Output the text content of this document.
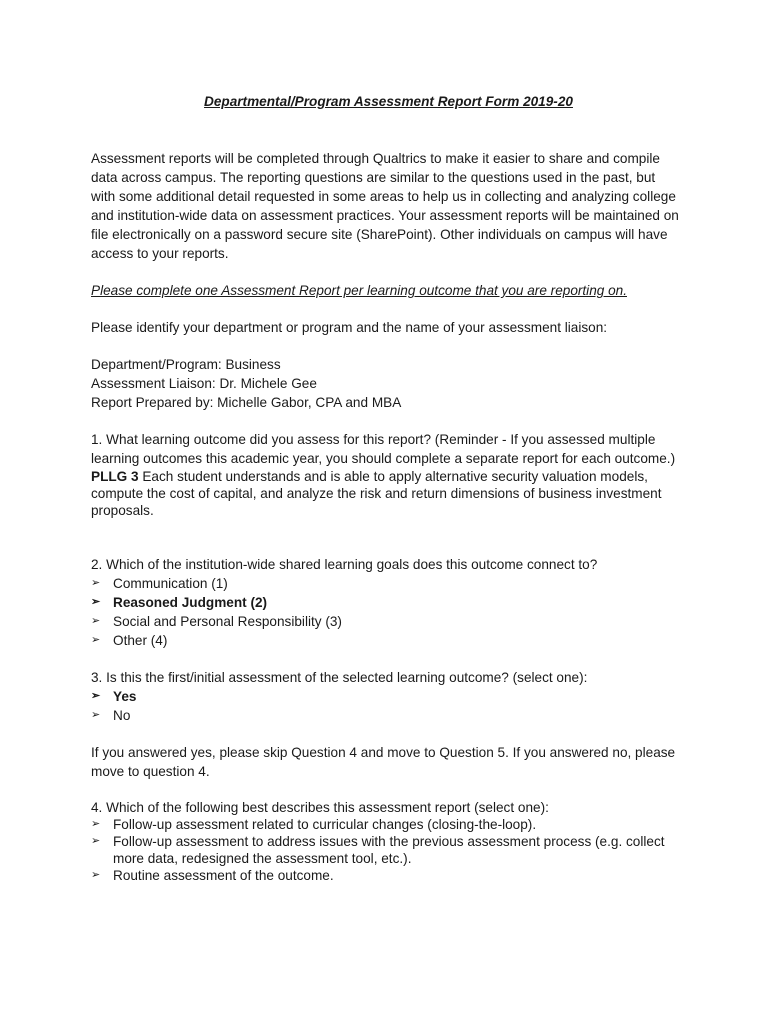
Departmental/Program Assessment Report Form 2019-20
Assessment reports will be completed through Qualtrics to make it easier to share and compile data across campus. The reporting questions are similar to the questions used in the past, but with some additional detail requested in some areas to help us in collecting and analyzing college and institution-wide data on assessment practices. Your assessment reports will be maintained on file electronically on a password secure site (SharePoint). Other individuals on campus will have access to your reports.
Please complete one Assessment Report per learning outcome that you are reporting on.
Please identify your department or program and the name of your assessment liaison:
Department/Program: Business
Assessment Liaison: Dr. Michele Gee
Report Prepared by: Michelle Gabor, CPA and MBA
1. What learning outcome did you assess for this report? (Reminder - If you assessed multiple learning outcomes this academic year, you should complete a separate report for each outcome.)
PLLG 3 Each student understands and is able to apply alternative security valuation models, compute the cost of capital, and analyze the risk and return dimensions of business investment proposals.
2. Which of the institution-wide shared learning goals does this outcome connect to?
➢ Communication (1)
➢ Reasoned Judgment (2)
➢ Social and Personal Responsibility (3)
➢ Other (4)
3. Is this the first/initial assessment of the selected learning outcome? (select one):
➢ Yes
➢ No
If you answered yes, please skip Question 4 and move to Question 5. If you answered no, please move to question 4.
4. Which of the following best describes this assessment report (select one):
➢ Follow-up assessment related to curricular changes (closing-the-loop).
➢ Follow-up assessment to address issues with the previous assessment process (e.g. collect more data, redesigned the assessment tool, etc.).
➢ Routine assessment of the outcome.
